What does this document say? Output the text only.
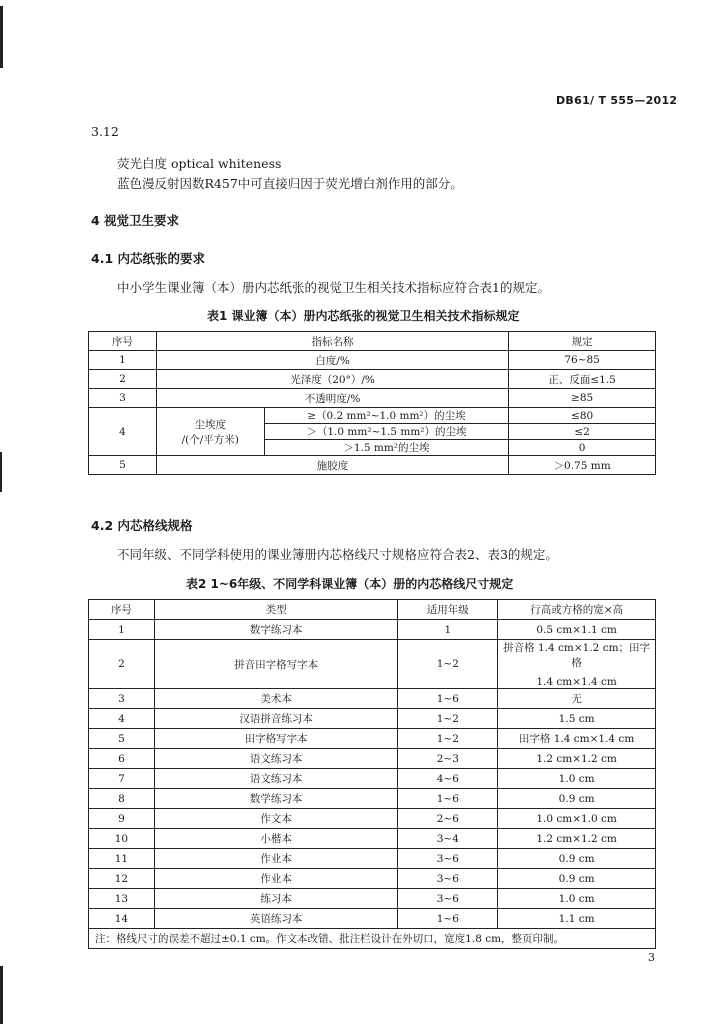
DB61/ T 555—2012
3.12
荧光白度 optical whiteness
蓝色漫反射因数R457中可直接归因于荧光增白剂作用的部分。
4 视觉卫生要求
4.1 内芯纸张的要求
中小学生课业簿（本）册内芯纸张的视觉卫生相关技术指标应符合表1的规定。
表1 课业簿（本）册内芯纸张的视觉卫生相关技术指标规定
序号	指标名称		规定
1	白度/%		76~85
2	光泽度（20°）/%		正、反面≤1.5
3	不透明度/%		≥85
4	尘埃度
/(个/平方米)	≥（0.2 mm²~1.0 mm²）的尘埃	≤80
		＞（1.0 mm²~1.5 mm²）的尘埃	≤2
		＞1.5 mm²的尘埃	0
5	施胶度		＞0.75 mm
4.2 内芯格线规格
不同年级、不同学科使用的课业簿册内芯格线尺寸规格应符合表2、表3的规定。
表2 1~6年级、不同学科课业簿（本）册的内芯格线尺寸规定
序号	类型	适用年级	行高或方格的宽×高
1	数字练习本	1	0.5 cm×1.1 cm
2	拼音田字格写字本	1~2	拼音格 1.4 cm×1.2 cm；田字格
1.4 cm×1.4 cm

3	美术本	1~6	无
4	汉语拼音练习本	1~2	1.5 cm
5	田字格写字本	1~2	田字格 1.4 cm×1.4 cm
6	语文练习本	2~3	1.2 cm×1.2 cm
7	语文练习本	4~6	1.0 cm
8	数学练习本	1~6	0.9 cm
9	作文本	2~6	1.0 cm×1.0 cm
10	小楷本	3~4	1.2 cm×1.2 cm
11	作业本	3~6	0.9 cm
12	作业本	3~6	0.9 cm
13	练习本	3~6	1.0 cm
14	英语练习本	1~6	1.1 cm
注：格线尺寸的误差不超过±0.1 cm。作文本改错、批注栏设计在外切口，宽度1.8 cm，整页印制。			
3
